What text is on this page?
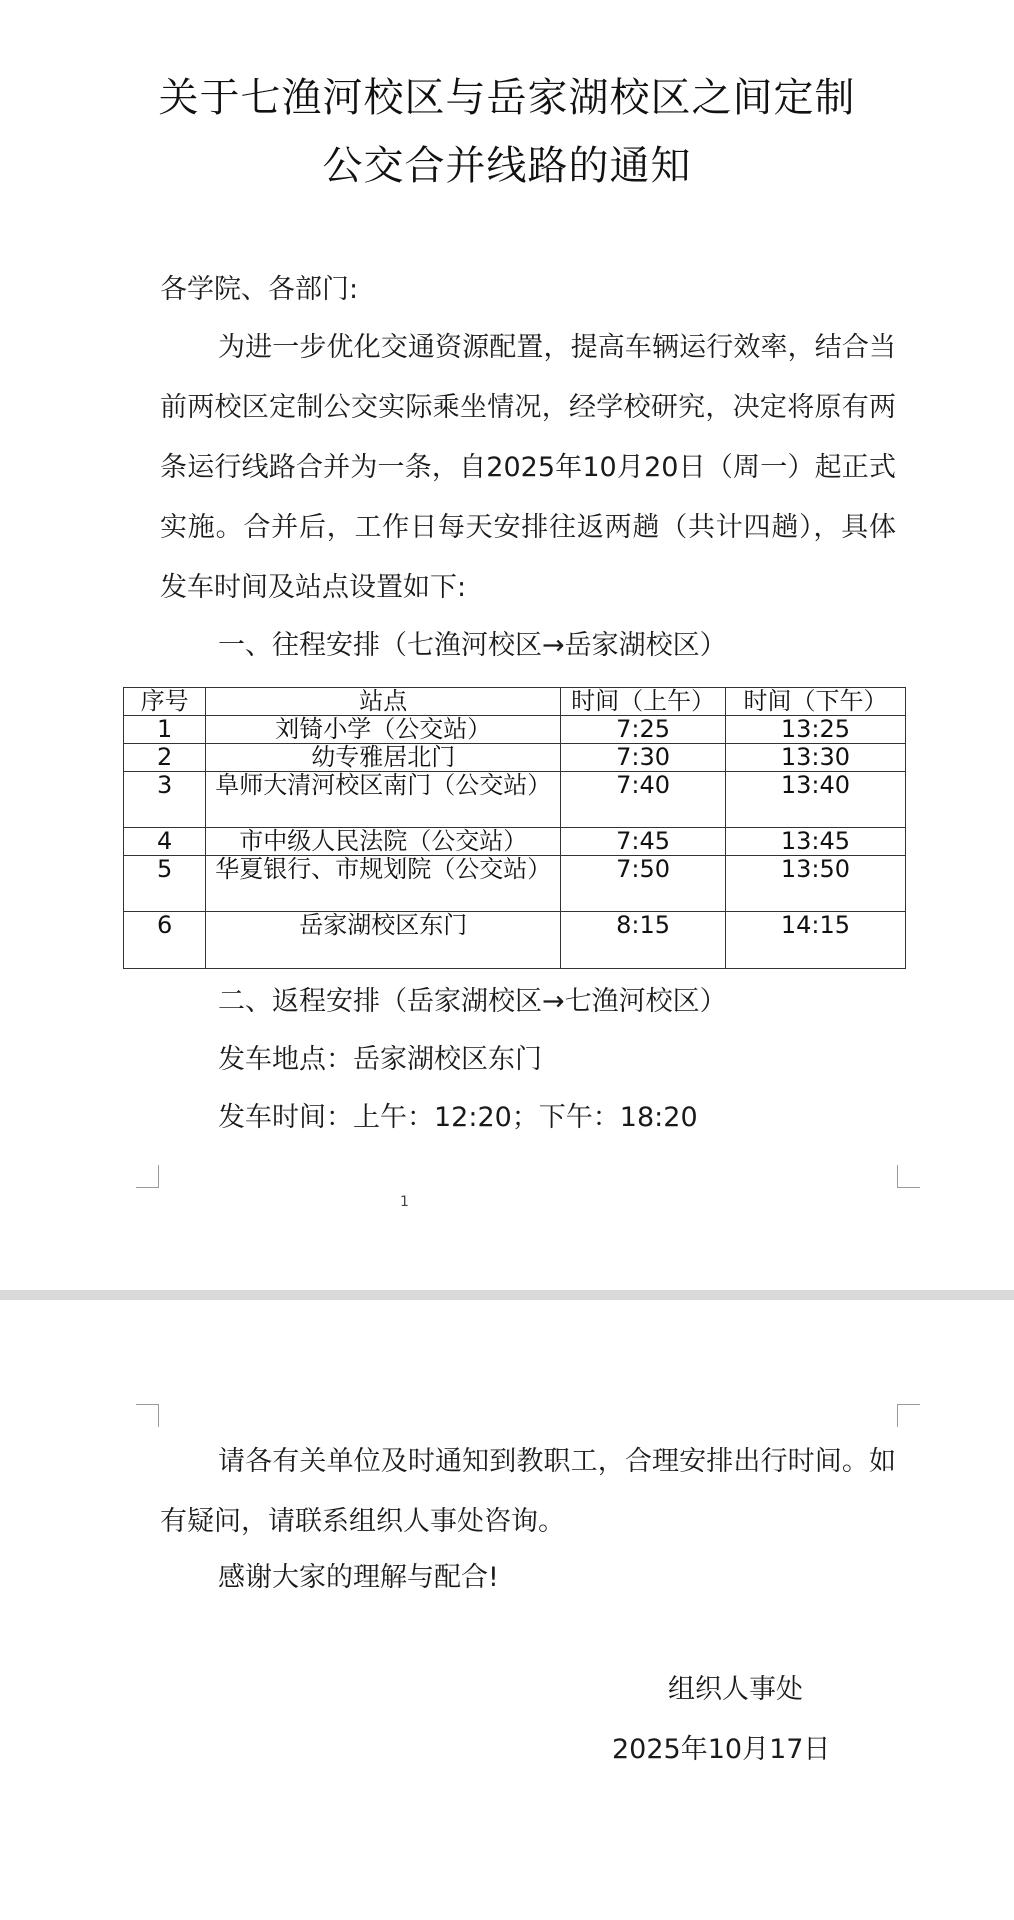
关于七渔河校区与岳家湖校区之间定制
公交合并线路的通知

各学院、各部门:

为进一步优化交通资源配置，提高车辆运行效率，结合当前两校区定制公交实际乘坐情况，经学校研究，决定将原有两条运行线路合并为一条，自2025年10月20日（周一）起正式实施。合并后，工作日每天安排往返两趟（共计四趟），具体发车时间及站点设置如下:

一、往程安排（七渔河校区→岳家湖校区）

序号	站点	时间（上午）	时间（下午）
1	刘锜小学（公交站）	7:25	13:25
2	幼专雅居北门	7:30	13:30
3	阜师大清河校区南门（公交站）	7:40	13:40
4	市中级人民法院（公交站）	7:45	13:45
5	华夏银行、市规划院（公交站）	7:50	13:50
6	岳家湖校区东门	8:15	14:15

二、返程安排（岳家湖校区→七渔河校区）

发车地点：岳家湖校区东门

发车时间：上午：12:20；下午：18:20

1

请各有关单位及时通知到教职工，合理安排出行时间。如有疑问，请联系组织人事处咨询。

感谢大家的理解与配合!

组织人事处

2025年10月17日
